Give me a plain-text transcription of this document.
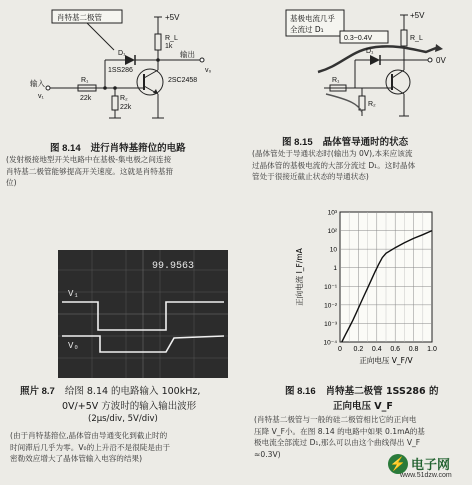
肖特基二极管	+5V
R_L
1k
D₁
1SS286
输出
v₀
2SC2458
R₁
22k	R₂
22k
输入
v₁
图 8.14 进行肖特基箝位的电路
(发射极接地型开关电路中在基极-集电极之间连接
肖特基二极管能够提高开关速度。这就是肖特基箝
位)
基极电流几乎
全流过 D₁
0.3~0.4V
+5V
R_L
D₁
0V
R₁
R₂
图 8.15 晶体管导通时的状态
(晶体管处于导通状态时(输出为 0V),本来应该流
过晶体管的基极电流的大部分流过 D₁。这时晶体
管处于很接近截止状态的导通状态)
99.9563
V₁
V₀
照片 8.7 给图 8.14 的电路输入 100kHz,
0V/+5V 方波时的输入输出波形
(2μs/div, 5V/div)
(由于肖特基箝位,晶体管由导通变化到截止时的
时间滞后几乎为零。V₀的上升沿不是很陡是由于
密勒效应增大了晶体管输入电容的结果)
0 0.2 0.4 0.6 0.8 1.0
10⁻⁴
10⁻³
10⁻²
10⁻¹
1
10
10²
10³
正向电压 V_F/V
正向电流 I_F/mA
图 8.16 肖特基二极管 1SS286 的
正向电压 V_F
(肖特基二极管与一般的硅二极管相比它的正向电
压降 V_F小。在图 8.14 的电路中如果 0.1mA的基
极电流全部流过 D₁,那么可以由这个曲线得出 V_F
≈0.3V)
⚡ 电子网
www.51dzw.com
